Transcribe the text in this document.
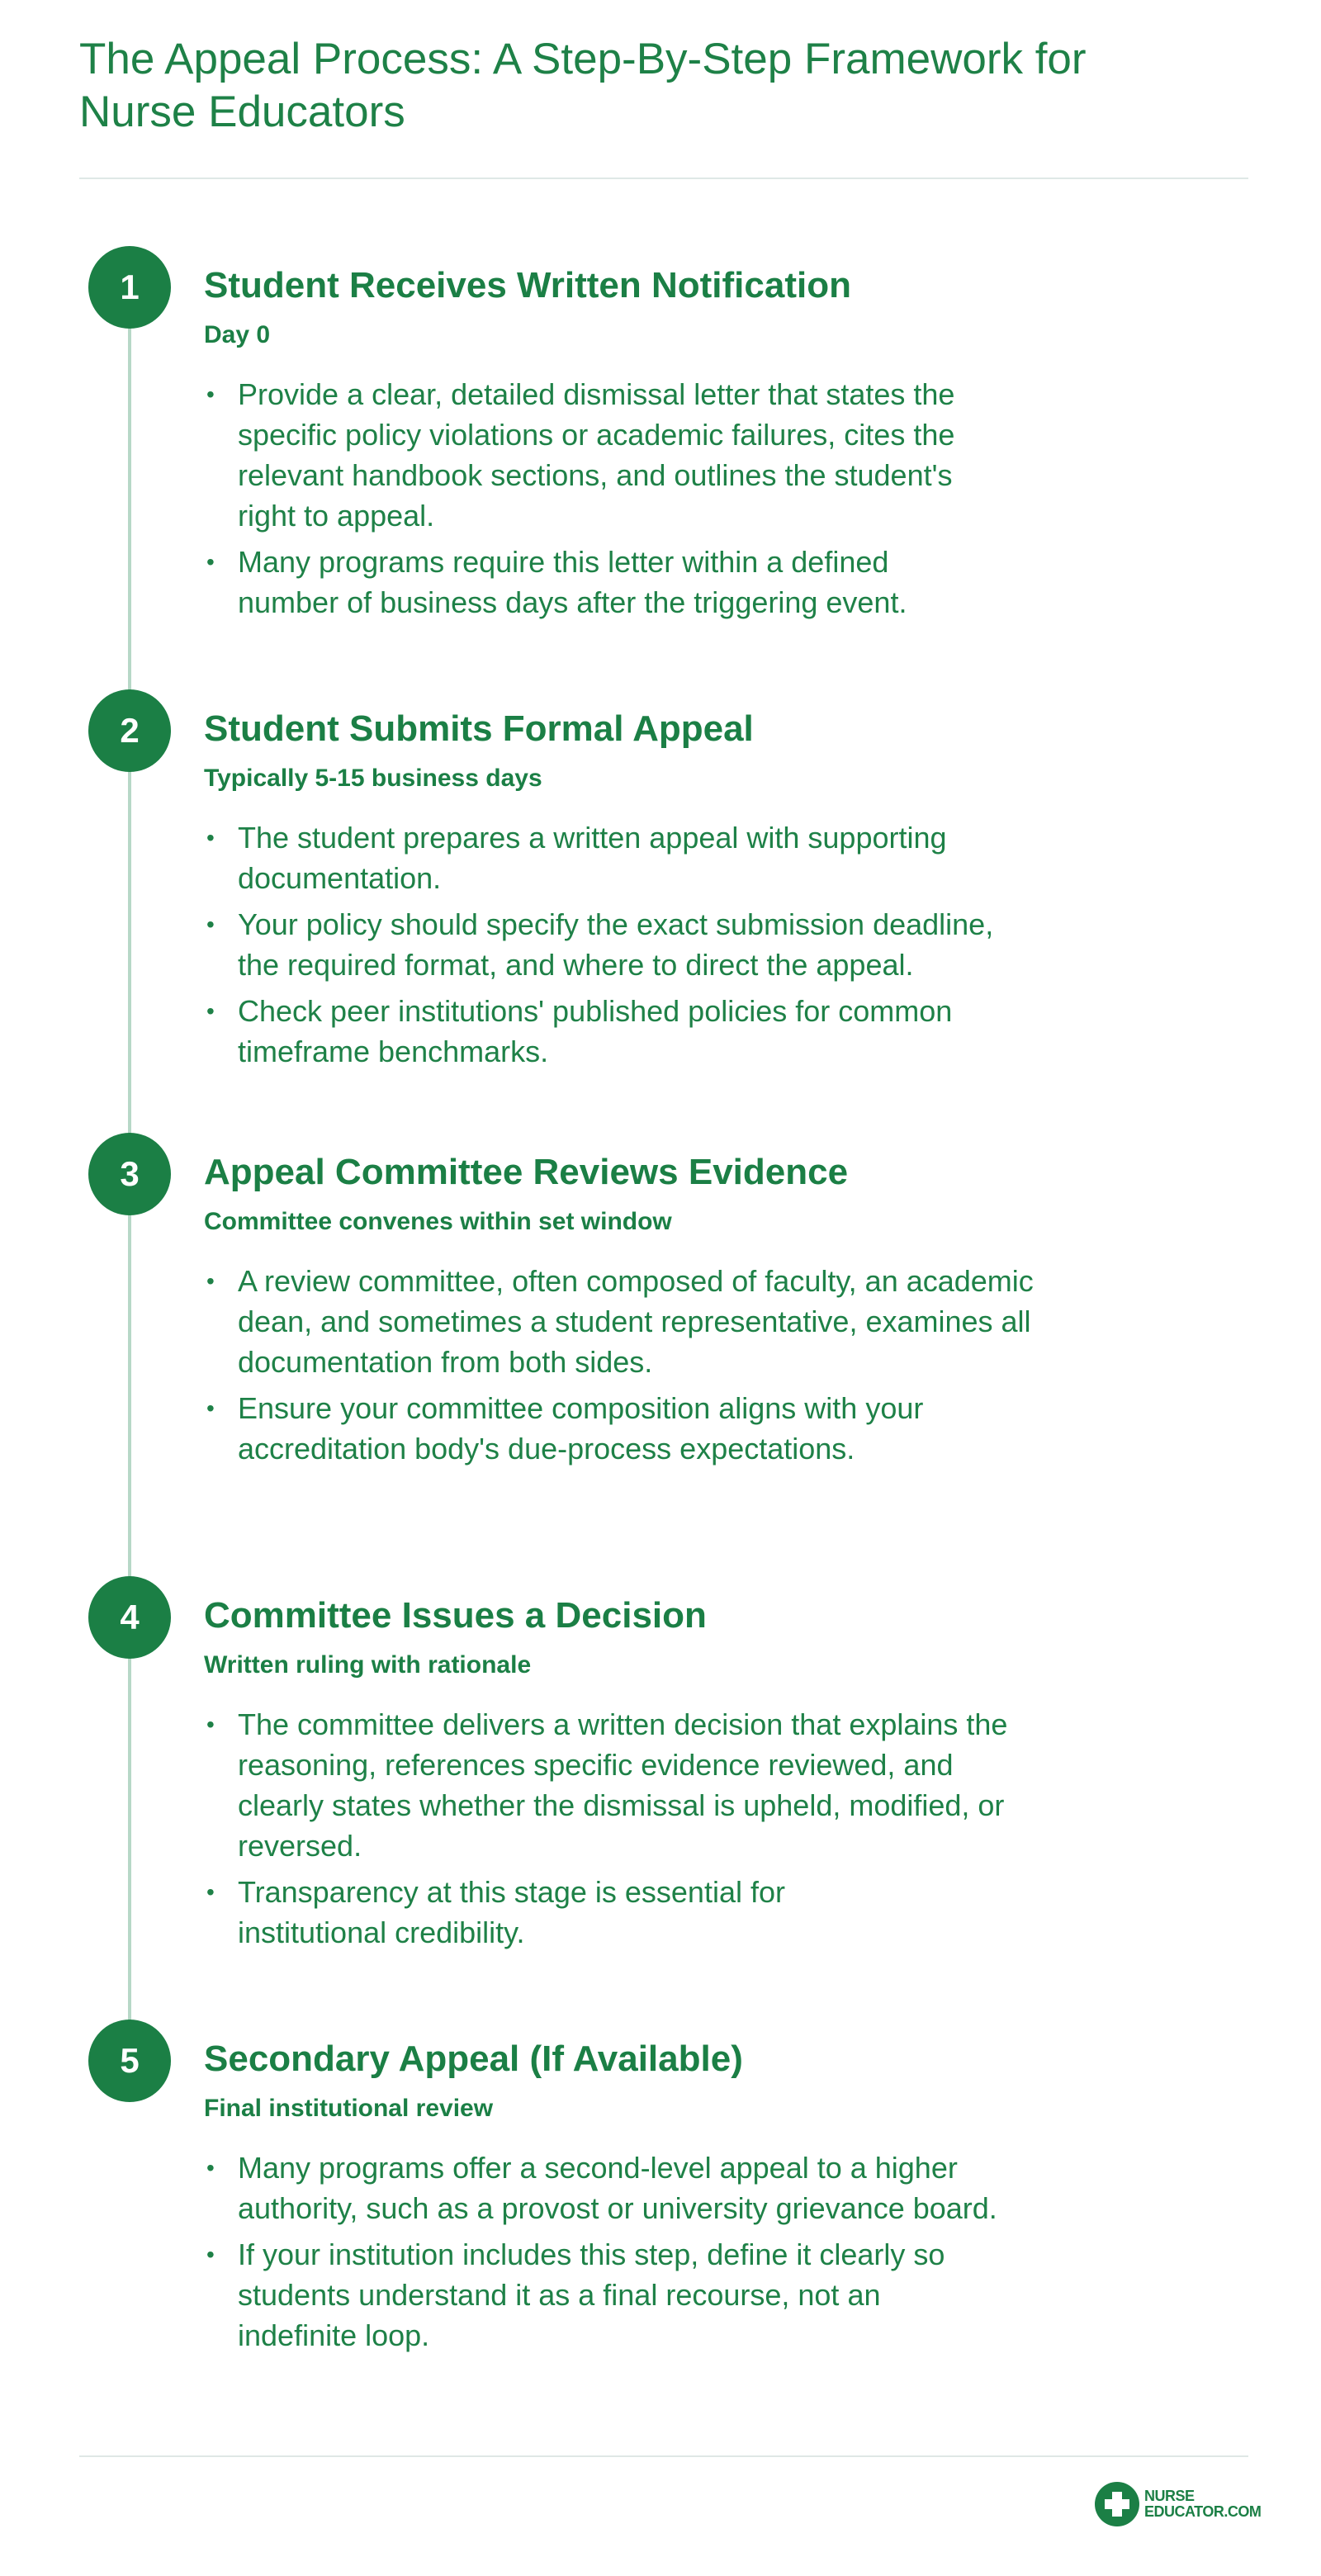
The Appeal Process: A Step-By-Step Framework for Nurse Educators
1	Student Receives Written Notification
Day 0
• Provide a clear, detailed dismissal letter that states the specific policy violations or academic failures, cites the relevant handbook sections, and outlines the student's right to appeal.
• Many programs require this letter within a defined number of business days after the triggering event.
2	Student Submits Formal Appeal
Typically 5-15 business days
• The student prepares a written appeal with supporting documentation.
• Your policy should specify the exact submission deadline, the required format, and where to direct the appeal.
• Check peer institutions' published policies for common timeframe benchmarks.
3	Appeal Committee Reviews Evidence
Committee convenes within set window
• A review committee, often composed of faculty, an academic dean, and sometimes a student representative, examines all documentation from both sides.
• Ensure your committee composition aligns with your accreditation body's due-process expectations.
4	Committee Issues a Decision
Written ruling with rationale
• The committee delivers a written decision that explains the reasoning, references specific evidence reviewed, and clearly states whether the dismissal is upheld, modified, or reversed.
• Transparency at this stage is essential for institutional credibility.
5	Secondary Appeal (If Available)
Final institutional review
• Many programs offer a second-level appeal to a higher authority, such as a provost or university grievance board.
• If your institution includes this step, define it clearly so students understand it as a final recourse, not an indefinite loop.
NURSE
EDUCATOR.COM
